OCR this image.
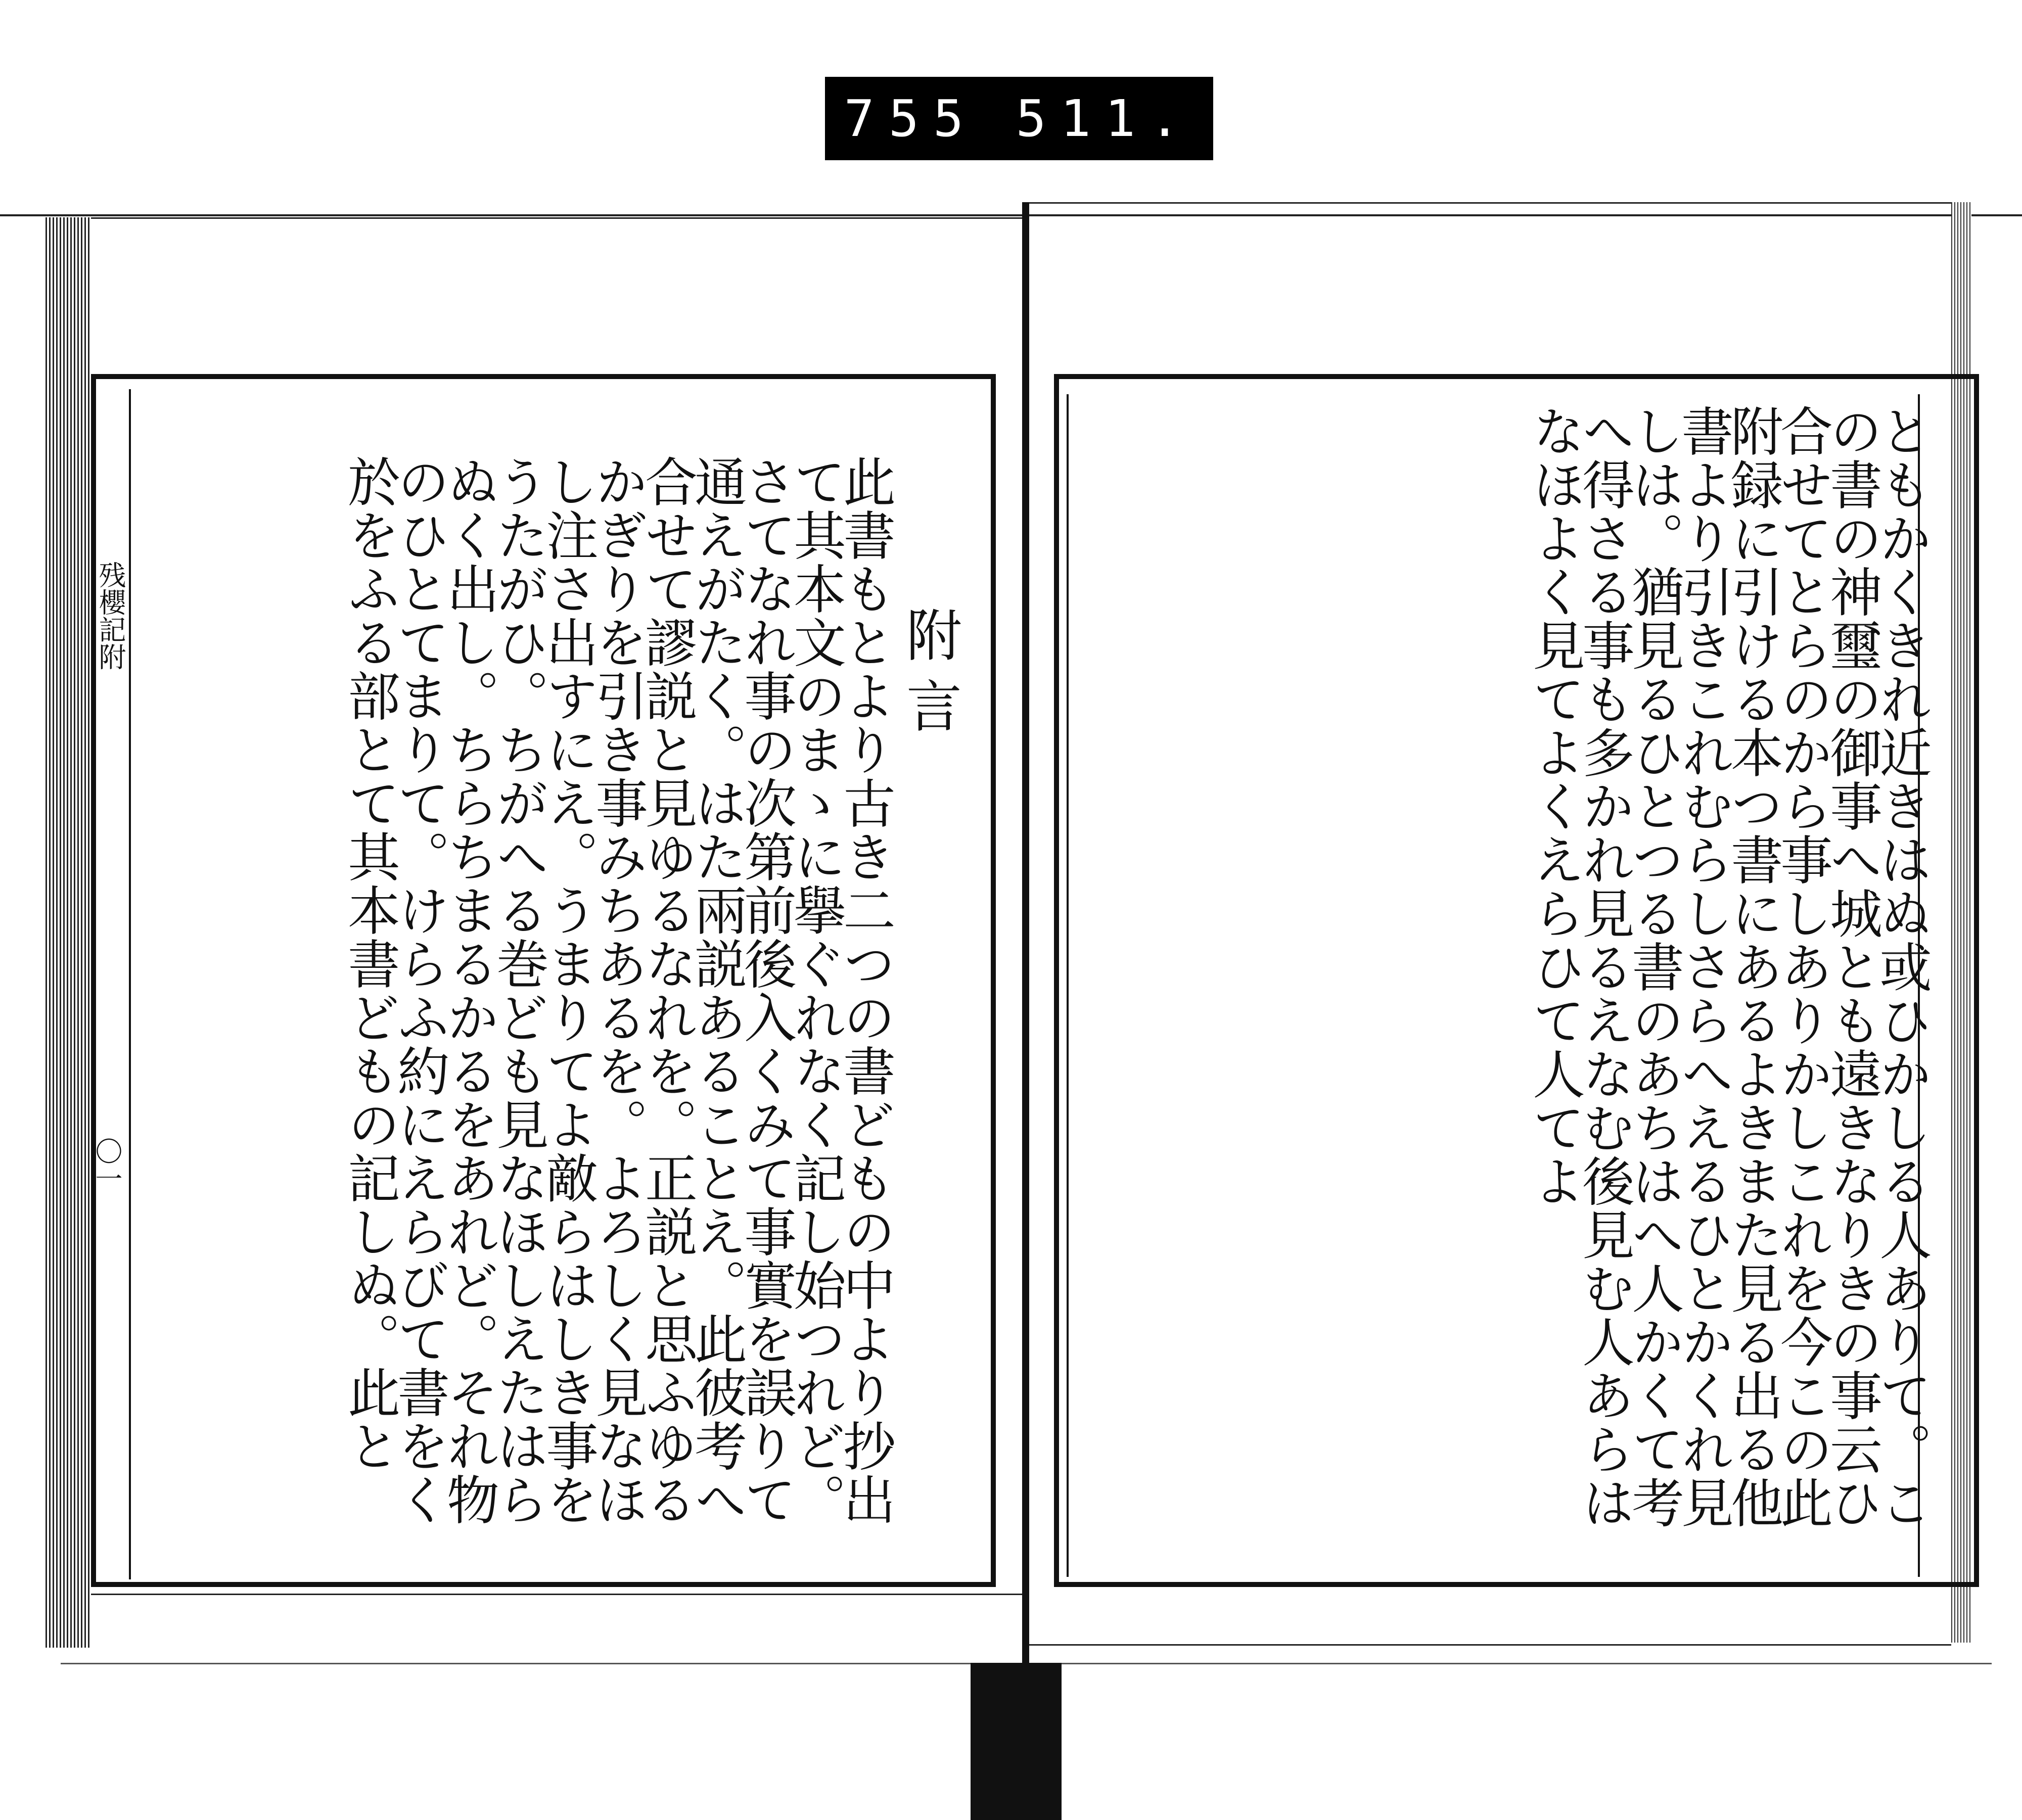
755 511.
残櫻記附
〇一
附言
此書もとより古き二つの書どもの中より抄出て其本文のまゝに擧ぐれなく記し始つれど。さてなれ事の次第前後入くみて事實を誤りて通えがたく。はた兩説あることえ。此彼考へ合せて謬説と見ゆるなれを。正説と思ふゆるかぎりを引き事みちあるを。よろしく見なほし注さ出すにえ。うまりてよ敵らはしき事をうたがひ。ちがへる巻ども見なほしえたはらぬく出し。ちらちまるかるをあれど。それ物のひとてまりて。けらふ約にえらびて書をく於をふる部とて其本書どもの記しぬ。此と	ともかくきれ近きはぬ或ひかしる人ありて。この書の神璽の御事へ城とも遠きなりきの事云ひ合せてとらのから事しありかしこれを今この此附録に引ける本つ書にあるよきまた見る出る他書より引きこれむらしさらへえるひとかくれ見しは。猶見るひとつる書のあちはへ人かくて考へ得さる事も多かれ見るえなむ後見む人あらはなほよく見てよくえらひて人てよ
